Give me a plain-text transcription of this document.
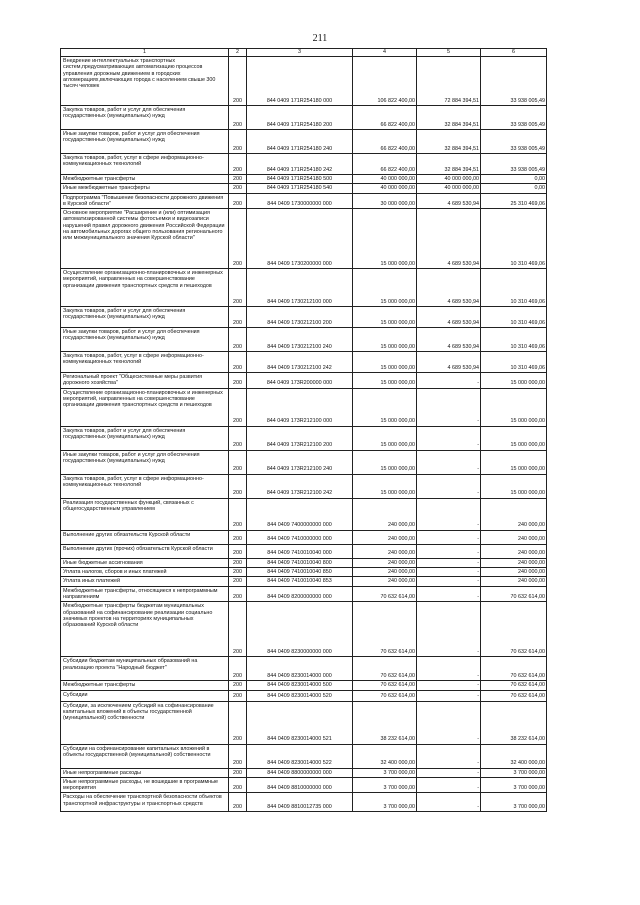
211
1	2	3	4	5	6
Внедрение интеллектуальных транспортных систем,предусматривающих автоматизацию процессов управления дорожным движением в городских агломерациях,включающих города с населением свыше 300 тысяч человек	200	844 0409 171R254180 000	106 822 400,00	72 884 394,51	33 938 005,49
Закупка товаров, работ и услуг для обеспечения государственных (муниципальных) нужд	200	844 0409 171R254180 200	66 822 400,00	32 884 394,51	33 938 005,49
Иные закупки товаров, работ и услуг для обеспечения государственных (муниципальных) нужд	200	844 0409 171R254180 240	66 822 400,00	32 884 394,51	33 938 005,49
Закупка товаров, работ, услуг в сфере информационно-коммуникационных технологий	200	844 0409 171R254180 242	66 822 400,00	32 884 394,51	33 938 005,49
Межбюджетные трансферты	200	844 0409 171R254180 500	40 000 000,00	40 000 000,00	0,00
Иные межбюджетные трансферты	200	844 0409 171R254180 540	40 000 000,00	40 000 000,00	0,00
Подпрограмма "Повышение безопасности дорожного движения в Курской области"	200	844 0409 1730000000 000	30 000 000,00	4 689 530,94	25 310 469,06
Основное мероприятие "Расширение и (или) оптимизация автоматизированной системы фотосъемки и видеозаписи нарушений правил дорожного движения Российской Федерации на автомобильных дорогах общего пользования регионального или межмуниципального значения Курской области"	200	844 0409 1730200000 000	15 000 000,00	4 689 530,94	10 310 469,06
Осуществление организационно-планировочных и инженерных мероприятий, направленных на совершенствование организации движения транспортных средств и пешеходов	200	844 0409 1730212100 000	15 000 000,00	4 689 530,94	10 310 469,06
Закупка товаров, работ и услуг для обеспечения государственных (муниципальных) нужд	200	844 0409 1730212100 200	15 000 000,00	4 689 530,94	10 310 469,06
Иные закупки товаров, работ и услуг для обеспечения государственных (муниципальных) нужд	200	844 0409 1730212100 240	15 000 000,00	4 689 530,94	10 310 469,06
Закупка товаров, работ, услуг в сфере информационно-коммуникационных технологий	200	844 0409 1730212100 242	15 000 000,00	4 689 530,94	10 310 469,06
Региональный проект "Общесистемные меры развития дорожного хозяйства"	200	844 0409 173R200000 000	15 000 000,00	-	15 000 000,00
Осуществление организационно-планировочных и инженерных мероприятий, направленных на совершенствование организации движения транспортных средств и пешеходов	200	844 0409 173R212100 000	15 000 000,00	-	15 000 000,00
Закупка товаров, работ и услуг для обеспечения государственных (муниципальных) нужд	200	844 0409 173R212100 200	15 000 000,00	-	15 000 000,00
Иные закупки товаров, работ и услуг для обеспечения государственных (муниципальных) нужд	200	844 0409 173R212100 240	15 000 000,00	-	15 000 000,00
Закупка товаров, работ, услуг в сфере информационно-коммуникационных технологий	200	844 0409 173R212100 242	15 000 000,00	-	15 000 000,00
Реализация государственных функций, связанных с общегосударственным управлением	200	844 0409 7400000000 000	240 000,00	-	240 000,00
Выполнение других обязательств Курской области	200	844 0409 7410000000 000	240 000,00	-	240 000,00
Выполнение других (прочих) обязательств Курской области	200	844 0409 7410010040 000	240 000,00	-	240 000,00
Иные бюджетные ассигнования	200	844 0409 7410010040 800	240 000,00	-	240 000,00
Уплата налогов, сборов и иных платежей	200	844 0409 7410010040 850	240 000,00	-	240 000,00
Уплата иных платежей	200	844 0409 7410010040 853	240 000,00	-	240 000,00
Межбюджетные трансферты, относящиеся к непрограммным направлениям	200	844 0409 8200000000 000	70 632 614,00	-	70 632 614,00
Межбюджетные трансферты бюджетам муниципальных образований на софинансирование реализации социально значимых проектов на территориях муниципальных образований Курской области	200	844 0409 8230000000 000	70 632 614,00	-	70 632 614,00
Субсидии бюджетам муниципальных образований на реализацию проекта "Народный бюджет"	200	844 0409 8230014000 000	70 632 614,00	-	70 632 614,00
Межбюджетные трансферты	200	844 0409 8230014000 500	70 632 614,00	-	70 632 614,00
Субсидии	200	844 0409 8230014000 520	70 632 614,00	-	70 632 614,00
Субсидии, за исключением субсидий на софинансирование капитальных вложений в объекты государственной (муниципальной) собственности	200	844 0409 8230014000 521	38 232 614,00	-	38 232 614,00
Субсидии на софинансирование капитальных вложений в объекты государственной (муниципальной) собственности	200	844 0409 8230014000 522	32 400 000,00	-	32 400 000,00
Иные непрограммные расходы	200	844 0409 8800000000 000	3 700 000,00	-	3 700 000,00
Иные непрограммные расходы, не вошедшие в программные мероприятия	200	844 0409 8810000000 000	3 700 000,00	-	3 700 000,00
Расходы на обеспечение транспортной безопасности объектов транспортной инфраструктуры и транспортных средств	200	844 0409 8810012735 000	3 700 000,00	-	3 700 000,00
